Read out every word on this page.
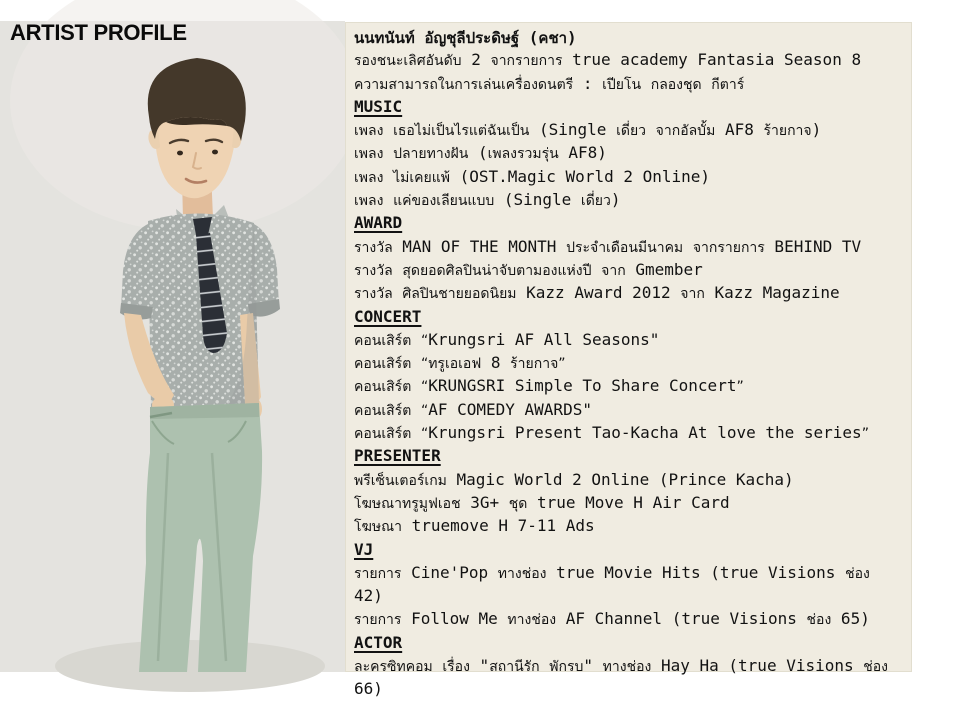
ARTIST PROFILE	นนทนันท์ อัญชุลีประดิษฐ์ (คชา)
รองชนะเลิศอันดับ 2 จากรายการ true academy Fantasia Season 8
ความสามารถในการเล่นเครื่องดนตรี : เปียโน กลองชุด กีตาร์
MUSIC
เพลง เธอไม่เป็นไรแต่ฉันเป็น (Single เดี่ยว จากอัลบั้ม AF8 ร้ายกาจ)
เพลง ปลายทางฝัน (เพลงรวมรุ่น AF8)
เพลง ไม่เคยแพ้ (OST.Magic World 2 Online)
เพลง แค่ของเลียนแบบ (Single เดี่ยว)
AWARD
รางวัล MAN OF THE MONTH ประจำเดือนมีนาคม จากรายการ BEHIND TV
รางวัล สุดยอดศิลปินน่าจับตามองแห่งปี จาก Gmember
รางวัล ศิลปินชายยอดนิยม Kazz Award 2012 จาก Kazz Magazine
CONCERT
คอนเสิร์ต “Krungsri AF All Seasons"
คอนเสิร์ต “ทรูเอเอฟ 8 ร้ายกาจ”
คอนเสิร์ต “KRUNGSRI Simple To Share Concert”
คอนเสิร์ต “AF COMEDY AWARDS"
คอนเสิร์ต “Krungsri Present Tao-Kacha At love the series”
PRESENTER
พรีเซ็นเตอร์เกม Magic World 2 Online (Prince Kacha)
โฆษณาทรูมูฟเอช 3G+ ชุด true Move H Air Card
โฆษณา truemove H 7-11 Ads
VJ
รายการ Cine'Pop ทางช่อง true Movie Hits (true Visions ช่อง 42)
รายการ Follow Me ทางช่อง AF Channel (true Visions ช่อง 65)
ACTOR
ละครซิทคอม เรื่อง "สถานีรัก พักรบ" ทางช่อง Hay Ha (true Visions ช่อง 66)
